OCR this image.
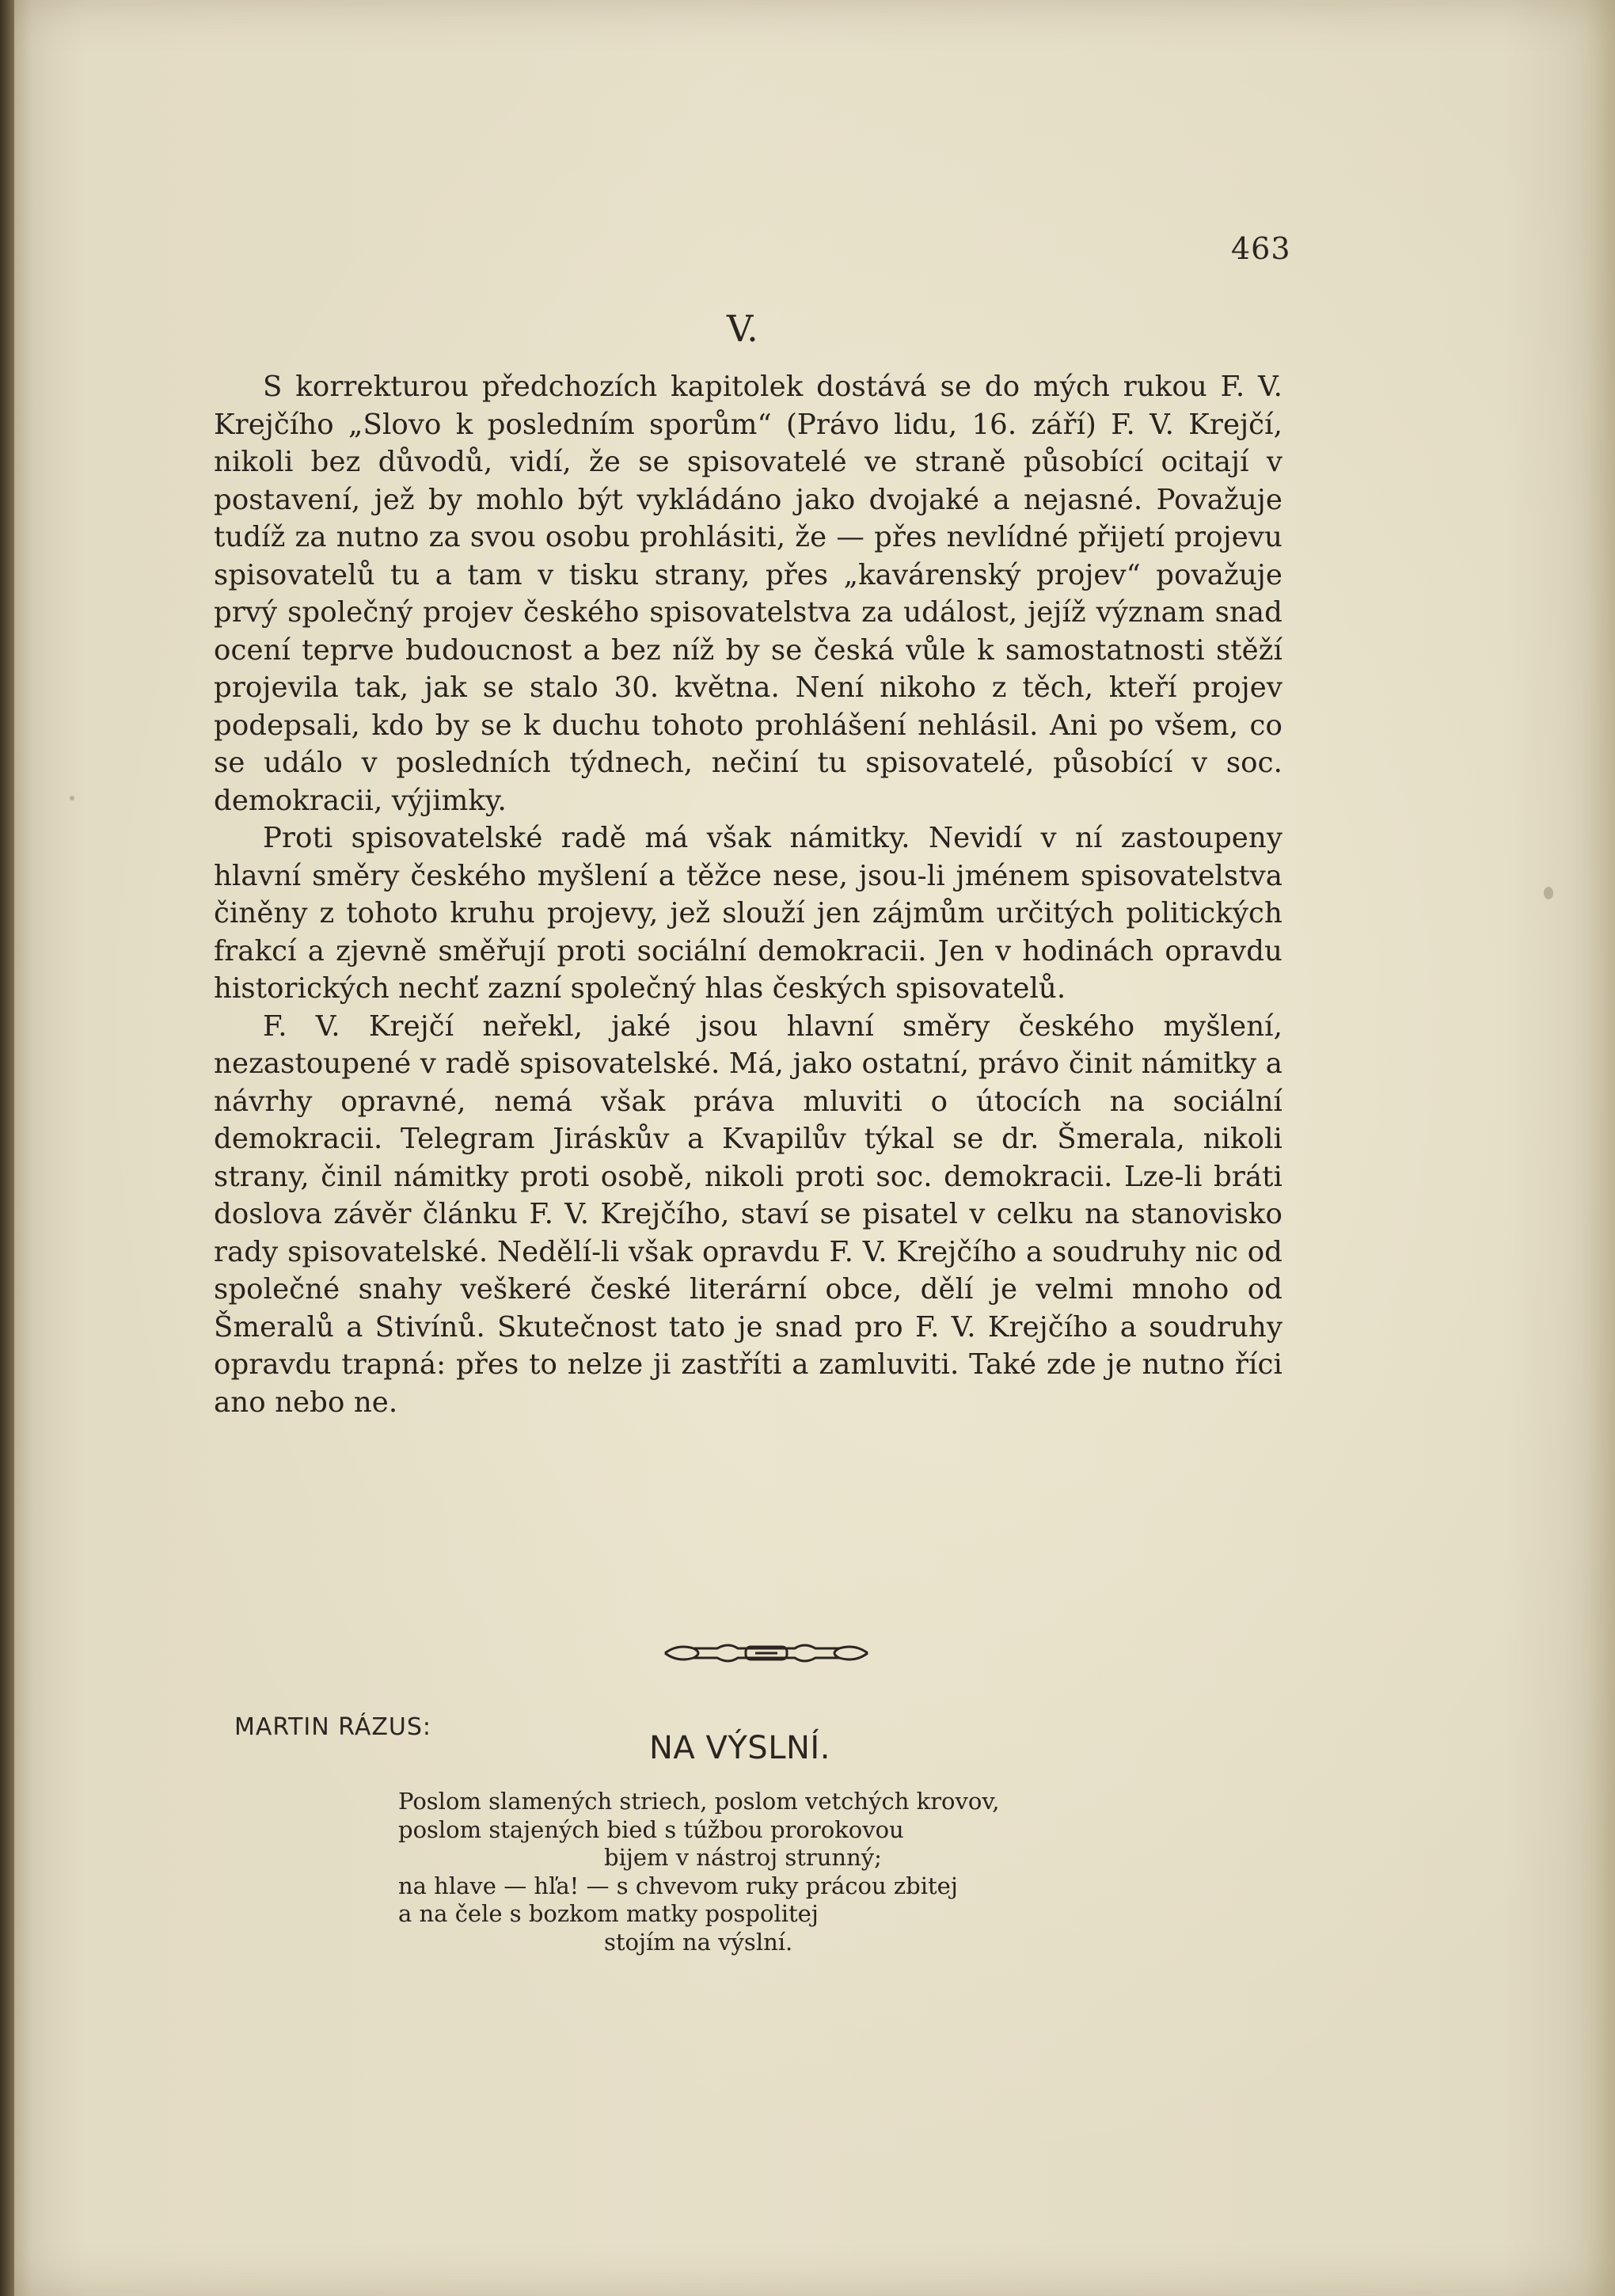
463
V.

S korrekturou předchozích kapitolek dostává se do mých rukou F. V. Krejčího „Slovo k posledním sporům“ (Právo lidu, 16. září) F. V. Krejčí, nikoli bez důvodů, vidí, že se spisovatelé ve straně působící ocitají v postavení, jež by mohlo být vykládáno jako dvojaké a nejasné. Považuje tudíž za nutno za svou osobu prohlásiti, že — přes nevlídné přijetí projevu spisovatelů tu a tam v tisku strany, přes „kavárenský projev“ považuje prvý společný projev českého spisovatelstva za událost, jejíž význam snad ocení teprve budoucnost a bez níž by se česká vůle k samostatnosti stěží projevila tak, jak se stalo 30. května. Není nikoho z těch, kteří projev podepsali, kdo by se k duchu tohoto prohlášení nehlásil. Ani po všem, co se událo v posledních týdnech, nečiní tu spisovatelé, působící v soc. demokracii, výjimky.

Proti spisovatelské radě má však námitky. Nevidí v ní zastoupeny hlavní směry českého myšlení a těžce nese, jsou-li jménem spisovatelstva činěny z tohoto kruhu projevy, jež slouží jen zájmům určitých politických frakcí a zjevně směřují proti sociální demokracii. Jen v hodinách opravdu historických nechť zazní společný hlas českých spisovatelů.

F. V. Krejčí neřekl, jaké jsou hlavní směry českého myšlení, nezastoupené v radě spisovatelské. Má, jako ostatní, právo činit námitky a návrhy opravné, nemá však práva mluviti o útocích na sociální demokracii. Telegram Jiráskův a Kvapilův týkal se dr. Šmerala, nikoli strany, činil námitky proti osobě, nikoli proti soc. demokracii. Lze-li bráti doslova závěr článku F. V. Krejčího, staví se pisatel v celku na stanovisko rady spisovatelské. Nedělí-li však opravdu F. V. Krejčího a soudruhy nic od společné snahy veškeré české literární obce, dělí je velmi mnoho od Šmeralů a Stivínů. Skutečnost tato je snad pro F. V. Krejčího a soudruhy opravdu trapná: přes to nelze ji zastříti a zamluviti. Také zde je nutno říci ano nebo ne.

MARTIN RÁZUS:
NA VÝSLNÍ.
Poslom slamených striech, poslom vetchých krovov,
poslom stajených bied s túžbou prorokovou
bijem v nástroj strunný;
na hlave — hľa! — s chvevom ruky prácou zbitej
a na čele s bozkom matky pospolitej
stojím na výslní.
